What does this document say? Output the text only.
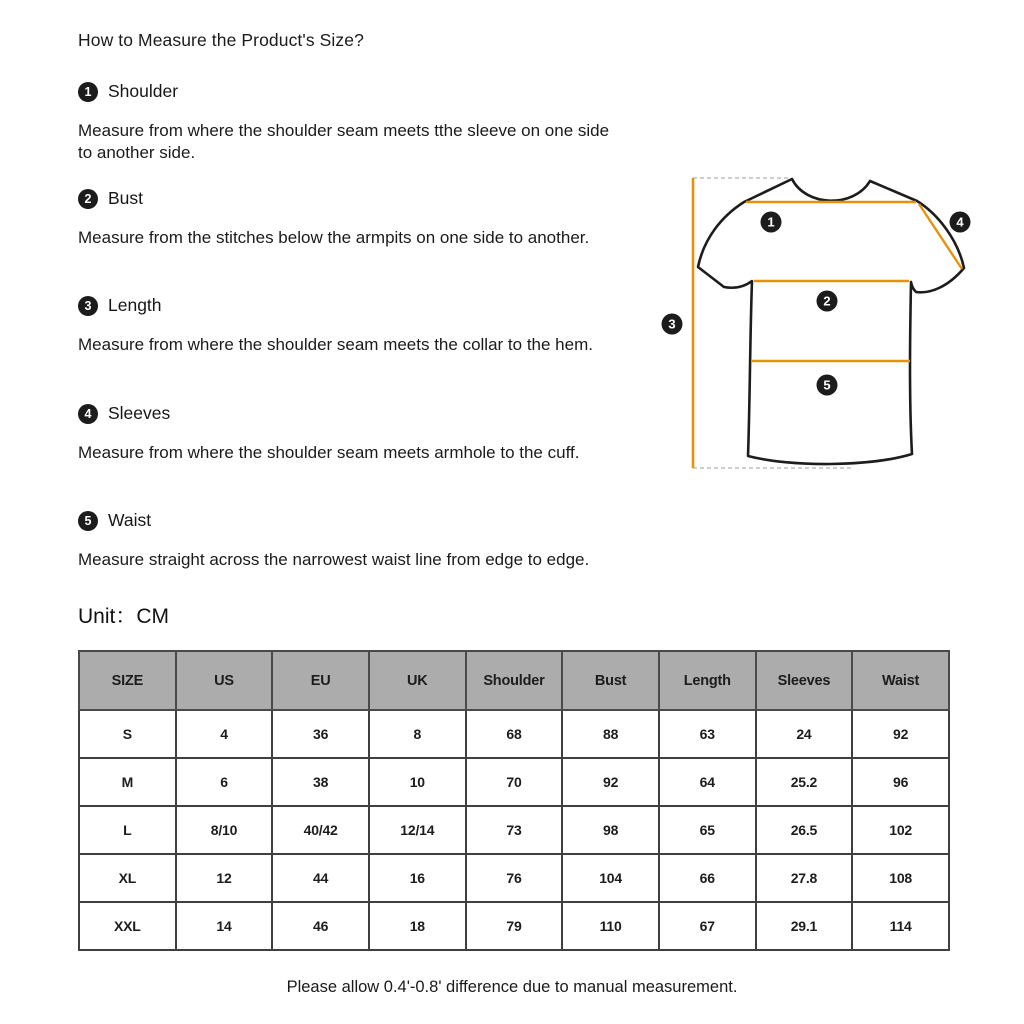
How to Measure the Product's Size?
1 Shoulder

Measure from where the shoulder seam meets tthe sleeve on one side to another side.

2 Bust

Measure from the stitches below the armpits on one side to another.

3 Length

Measure from where the shoulder seam meets the collar to the hem.

4 Sleeves

Measure from where the shoulder seam meets armhole to the cuff.

5 Waist

Measure straight across the narrowest waist line from edge to edge.

1
2
3
4
5
Unit：CM
SIZE	US	EU	UK	Shoulder	Bust	Length	Sleeves	Waist
S	4	36	8	68	88	63	24	92
M	6	38	10	70	92	64	25.2	96
L	8/10	40/42	12/14	73	98	65	26.5	102
XL	12	44	16	76	104	66	27.8	108
XXL	14	46	18	79	110	67	29.1	114
Please allow 0.4'-0.8' difference due to manual measurement.
